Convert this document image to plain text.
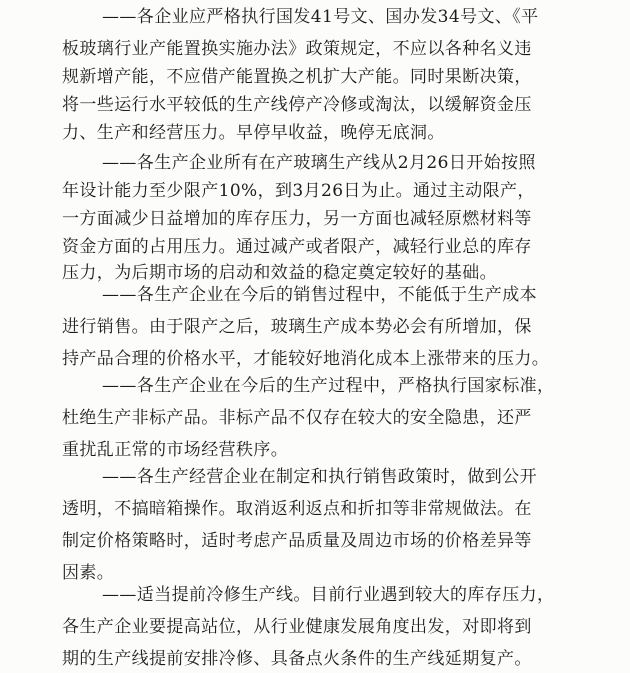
——各企业应严格执行国发41号文、国办发34号文、《平
板玻璃行业产能置换实施办法》政策规定，不应以各种名义违
规新增产能，不应借产能置换之机扩大产能。同时果断决策，
将一些运行水平较低的生产线停产冷修或淘汰，以缓解资金压
力、生产和经营压力。早停早收益，晚停无底洞。
——各生产企业所有在产玻璃生产线从2月26日开始按照
年设计能力至少限产10%，到3月26日为止。通过主动限产，
一方面减少日益增加的库存压力，另一方面也减轻原燃材料等
资金方面的占用压力。通过减产或者限产，减轻行业总的库存
压力，为后期市场的启动和效益的稳定奠定较好的基础。
——各生产企业在今后的销售过程中，不能低于生产成本
进行销售。由于限产之后，玻璃生产成本势必会有所增加，保
持产品合理的价格水平，才能较好地消化成本上涨带来的压力。
——各生产企业在今后的生产过程中，严格执行国家标准，
杜绝生产非标产品。非标产品不仅存在较大的安全隐患，还严
重扰乱正常的市场经营秩序。
——各生产经营企业在制定和执行销售政策时，做到公开
透明，不搞暗箱操作。取消返利返点和折扣等非常规做法。在
制定价格策略时，适时考虑产品质量及周边市场的价格差异等
因素。
——适当提前冷修生产线。目前行业遇到较大的库存压力，
各生产企业要提高站位，从行业健康发展角度出发，对即将到
期的生产线提前安排冷修、具备点火条件的生产线延期复产。
